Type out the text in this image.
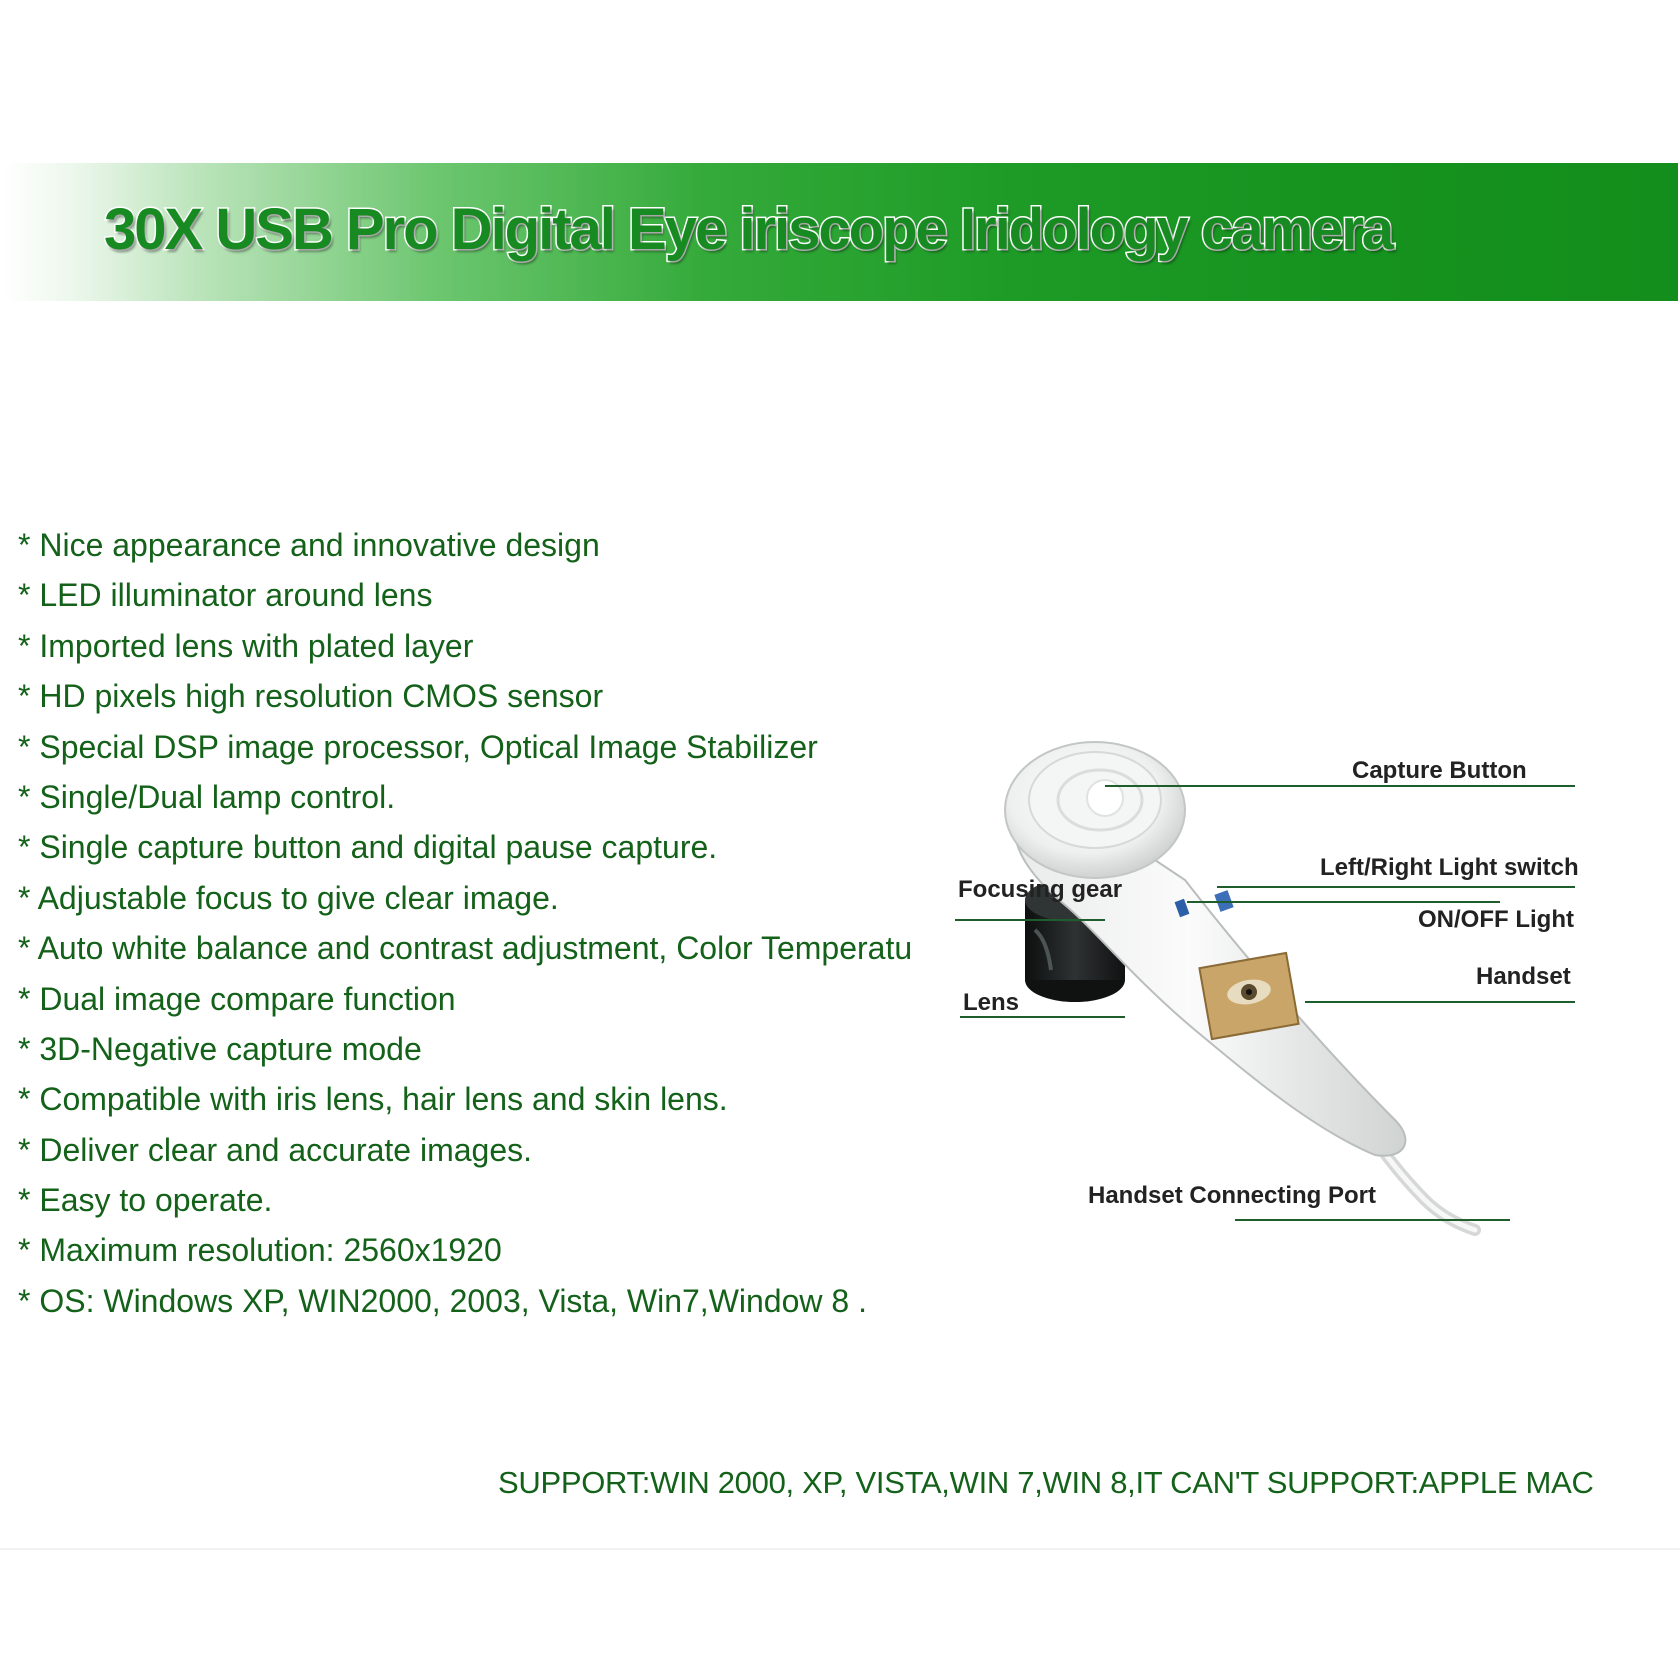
30X USB Pro Digital Eye iriscope Iridology camera
* Nice appearance and innovative design
* LED illuminator around lens
* Imported lens with plated layer
* HD pixels high resolution CMOS sensor
* Special DSP image processor, Optical Image Stabilizer
* Single/Dual lamp control.
* Single capture button and digital pause capture.
* Adjustable focus to give clear image.
* Auto white balance and contrast adjustment, Color Temperatu
* Dual image compare function
* 3D-Negative capture mode
* Compatible with iris lens, hair lens and skin lens.
* Deliver clear and accurate images.
* Easy to operate.
* Maximum resolution: 2560x1920
* OS: Windows XP, WIN2000, 2003, Vista, Win7,Window 8 .
Capture Button
Left/Right Light switch
Focusing gear
ON/OFF Light
Handset
Lens
Handset Connecting Port
SUPPORT:WIN 2000, XP, VISTA,WIN 7,WIN 8,IT CAN'T SUPPORT:APPLE MAC
